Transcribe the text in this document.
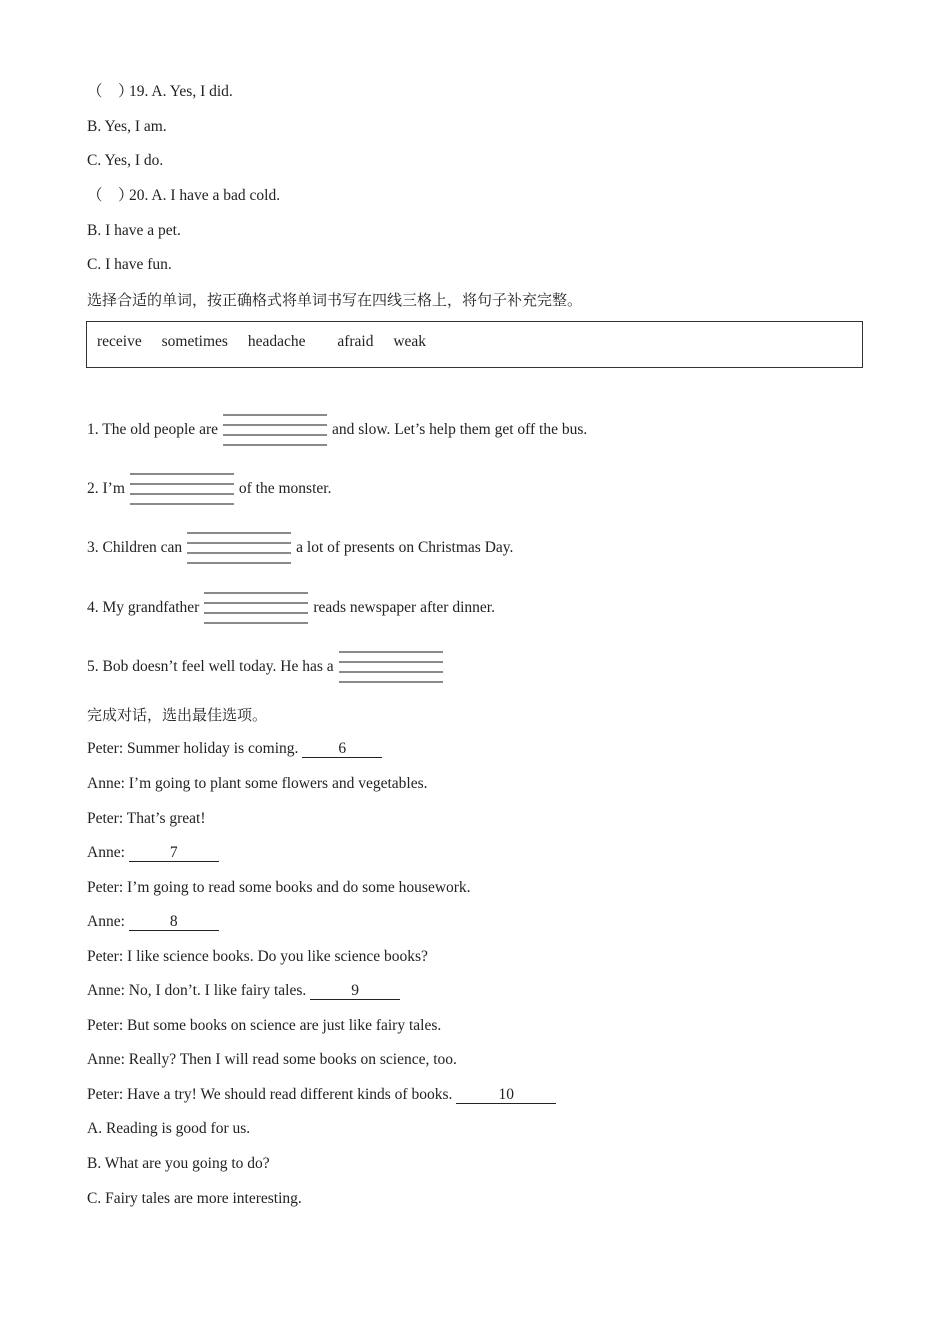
（　）19. A. Yes, I did.
B. Yes, I am.
C. Yes, I do.
（　）20. A. I have a bad cold.
B. I have a pet.
C. I have fun.
选择合适的单词，按正确格式将单词书写在四线三格上，将句子补充完整。
receive sometimes headache afraid weak
1. The old people are	and slow. Let’s help them get off the bus.
2. I’m	of the monster.
3. Children can	a lot of presents on Christmas Day.
4. My grandfather	reads newspaper after dinner.
5. Bob doesn’t feel well today. He has a
完成对话，选出最佳选项。
Peter: Summer holiday is coming.	6
Anne: I’m going to plant some flowers and vegetables.
Peter: That’s great!
Anne:	7
Peter: I’m going to read some books and do some housework.
Anne:	8
Peter: I like science books. Do you like science books?
Anne: No, I don’t. I like fairy tales.	9
Peter: But some books on science are just like fairy tales.
Anne: Really? Then I will read some books on science, too.
Peter: Have a try! We should read different kinds of books.	10
A. Reading is good for us.
B. What are you going to do?
C. Fairy tales are more interesting.
